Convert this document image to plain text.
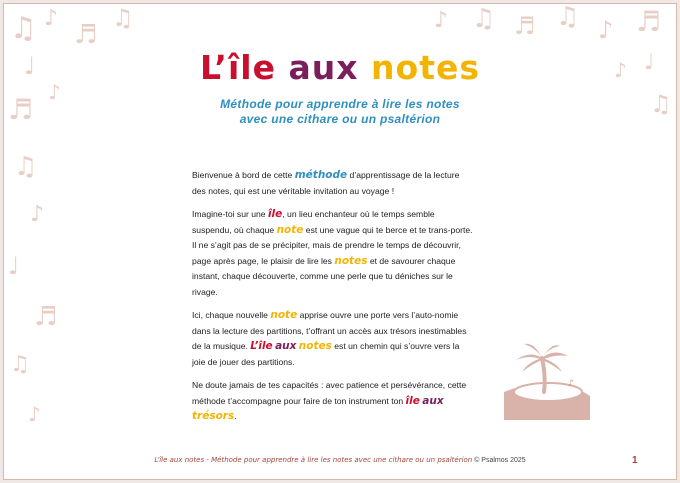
♫ ♪
♬
♫
♩
♬
♪
♫
♪
♩
♬
♫
♪
♪ ♫ ♬ ♫ ♪ ♬
♩
♪
♫
L’île aux notes
Méthode pour apprendre à lire les notes
avec une cithare ou un psaltérion

Bienvenue à bord de cette méthode d’apprentissage de la lecture des notes, qui est une véritable invitation au voyage !

Imagine-toi sur une île, un lieu enchanteur où le temps semble suspendu, où chaque note est une vague qui te berce et te trans-porte. Il ne s’agit pas de se précipiter, mais de prendre le temps de découvrir, page après page, le plaisir de lire les notes et de savourer chaque instant, chaque découverte, comme une perle que tu déniches sur le rivage.

Ici, chaque nouvelle note apprise ouvre une porte vers l’auto-nomie dans la lecture des partitions, t’offrant un accès aux trésors inestimables de la musique. L’île aux notes est un chemin qui s’ouvre vers la joie de jouer des partitions.

Ne doute jamais de tes capacités : avec patience et persévérance, cette méthode t’accompagne pour faire de ton instrument ton île aux trésors.

♪
L’île aux notes - Méthode pour apprendre à lire les notes avec une cithare ou un psaltérion © Psalmos 2025	1
